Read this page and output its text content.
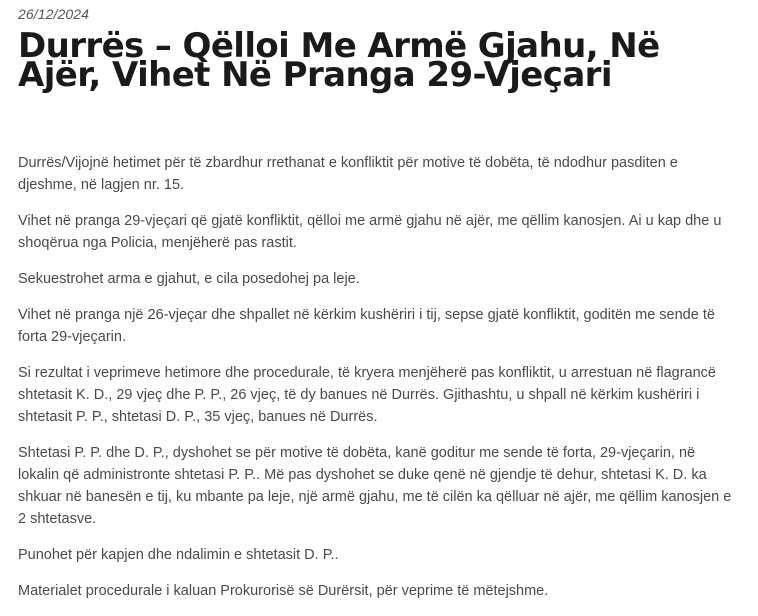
26/12/2024
Durrës – Qëlloi Me Armë Gjahu, Në Ajër, Vihet Në Pranga 29-Vjeçari

Durrës/Vijojnë hetimet për të zbardhur rrethanat e konfliktit për motive të dobëta, të ndodhur pasditen e djeshme, në lagjen nr. 15.

Vihet në pranga 29-vjeçari që gjatë konfliktit, qëlloi me armë gjahu në ajër, me qëllim kanosjen. Ai u kap dhe u shoqërua nga Policia, menjëherë pas rastit.

Sekuestrohet arma e gjahut, e cila posedohej pa leje.

Vihet në pranga një 26-vjeçar dhe shpallet në kërkim kushëriri i tij, sepse gjatë konfliktit, goditën me sende të forta 29-vjeçarin.

Si rezultat i veprimeve hetimore dhe procedurale, të kryera menjëherë pas konfliktit, u arrestuan në flagrancë shtetasit K. D., 29 vjeç dhe P. P., 26 vjeç, të dy banues në Durrës. Gjithashtu, u shpall në kërkim kushëriri i shtetasit P. P., shtetasi D. P., 35 vjeç, banues në Durrës.

Shtetasi P. P. dhe D. P., dyshohet se për motive të dobëta, kanë goditur me sende të forta, 29-vjeçarin, në lokalin që administronte shtetasi P. P.. Më pas dyshohet se duke qenë në gjendje të dehur, shtetasi K. D. ka shkuar në banesën e tij, ku mbante pa leje, një armë gjahu, me të cilën ka qëlluar në ajër, me qëllim kanosjen e 2 shtetasve.

Punohet për kapjen dhe ndalimin e shtetasit D. P..

Materialet procedurale i kaluan Prokurorisë së Durërsit, për veprime të mëtejshme.
